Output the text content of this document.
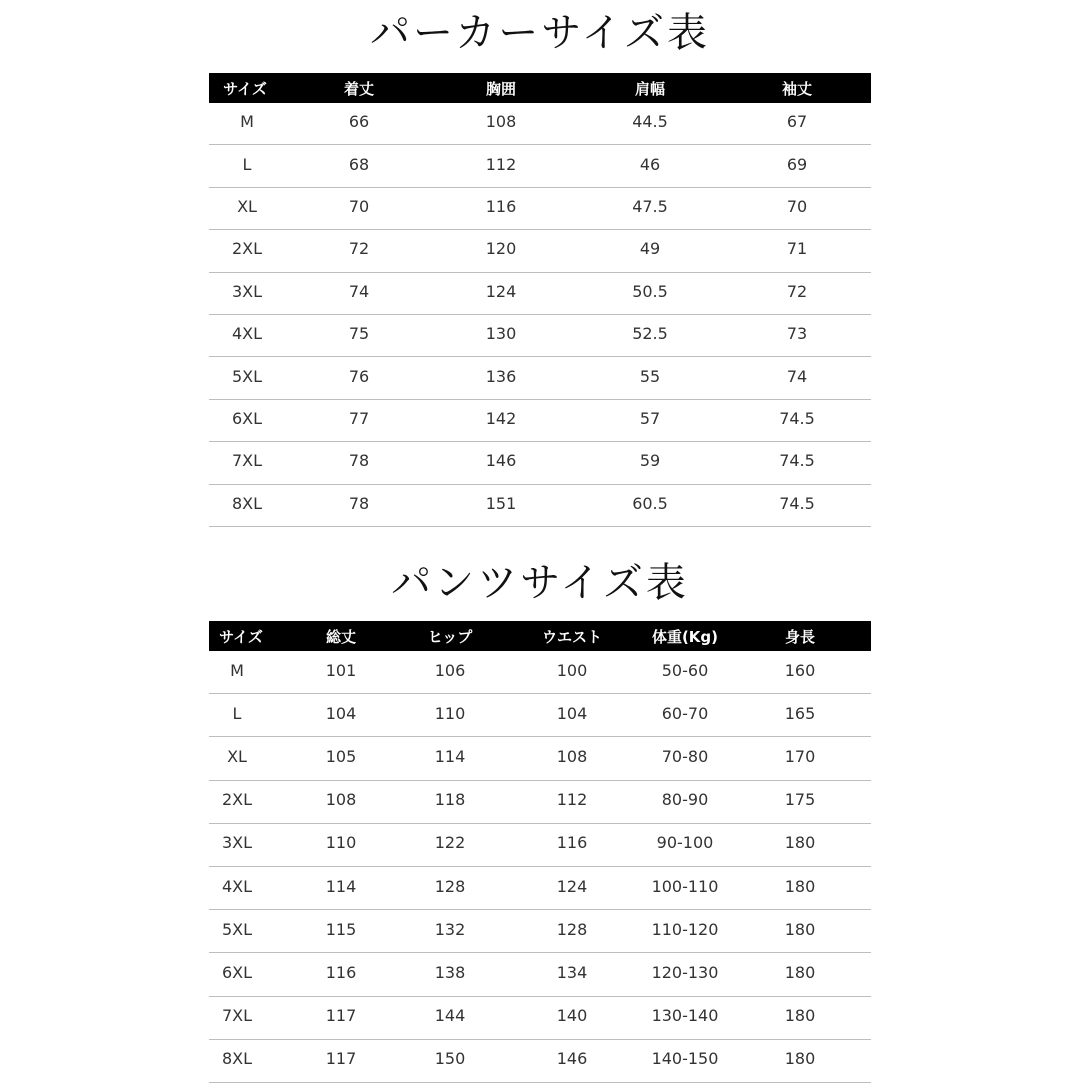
パーカーサイズ表
サイズ	着丈	胸囲	肩幅	袖丈
M	66	108	44.5	67
L	68	112	46	69
XL	70	116	47.5	70
2XL	72	120	49	71
3XL	74	124	50.5	72
4XL	75	130	52.5	73
5XL	76	136	55	74
6XL	77	142	57	74.5
7XL	78	146	59	74.5
8XL	78	151	60.5	74.5
パンツサイズ表
サイズ	総丈	ヒップ	ウエスト	体重(Kg)	身長
M	101	106	100	50-60	160
L	104	110	104	60-70	165
XL	105	114	108	70-80	170
2XL	108	118	112	80-90	175
3XL	110	122	116	90-100	180
4XL	114	128	124	100-110	180
5XL	115	132	128	110-120	180
6XL	116	138	134	120-130	180
7XL	117	144	140	130-140	180
8XL	117	150	146	140-150	180
